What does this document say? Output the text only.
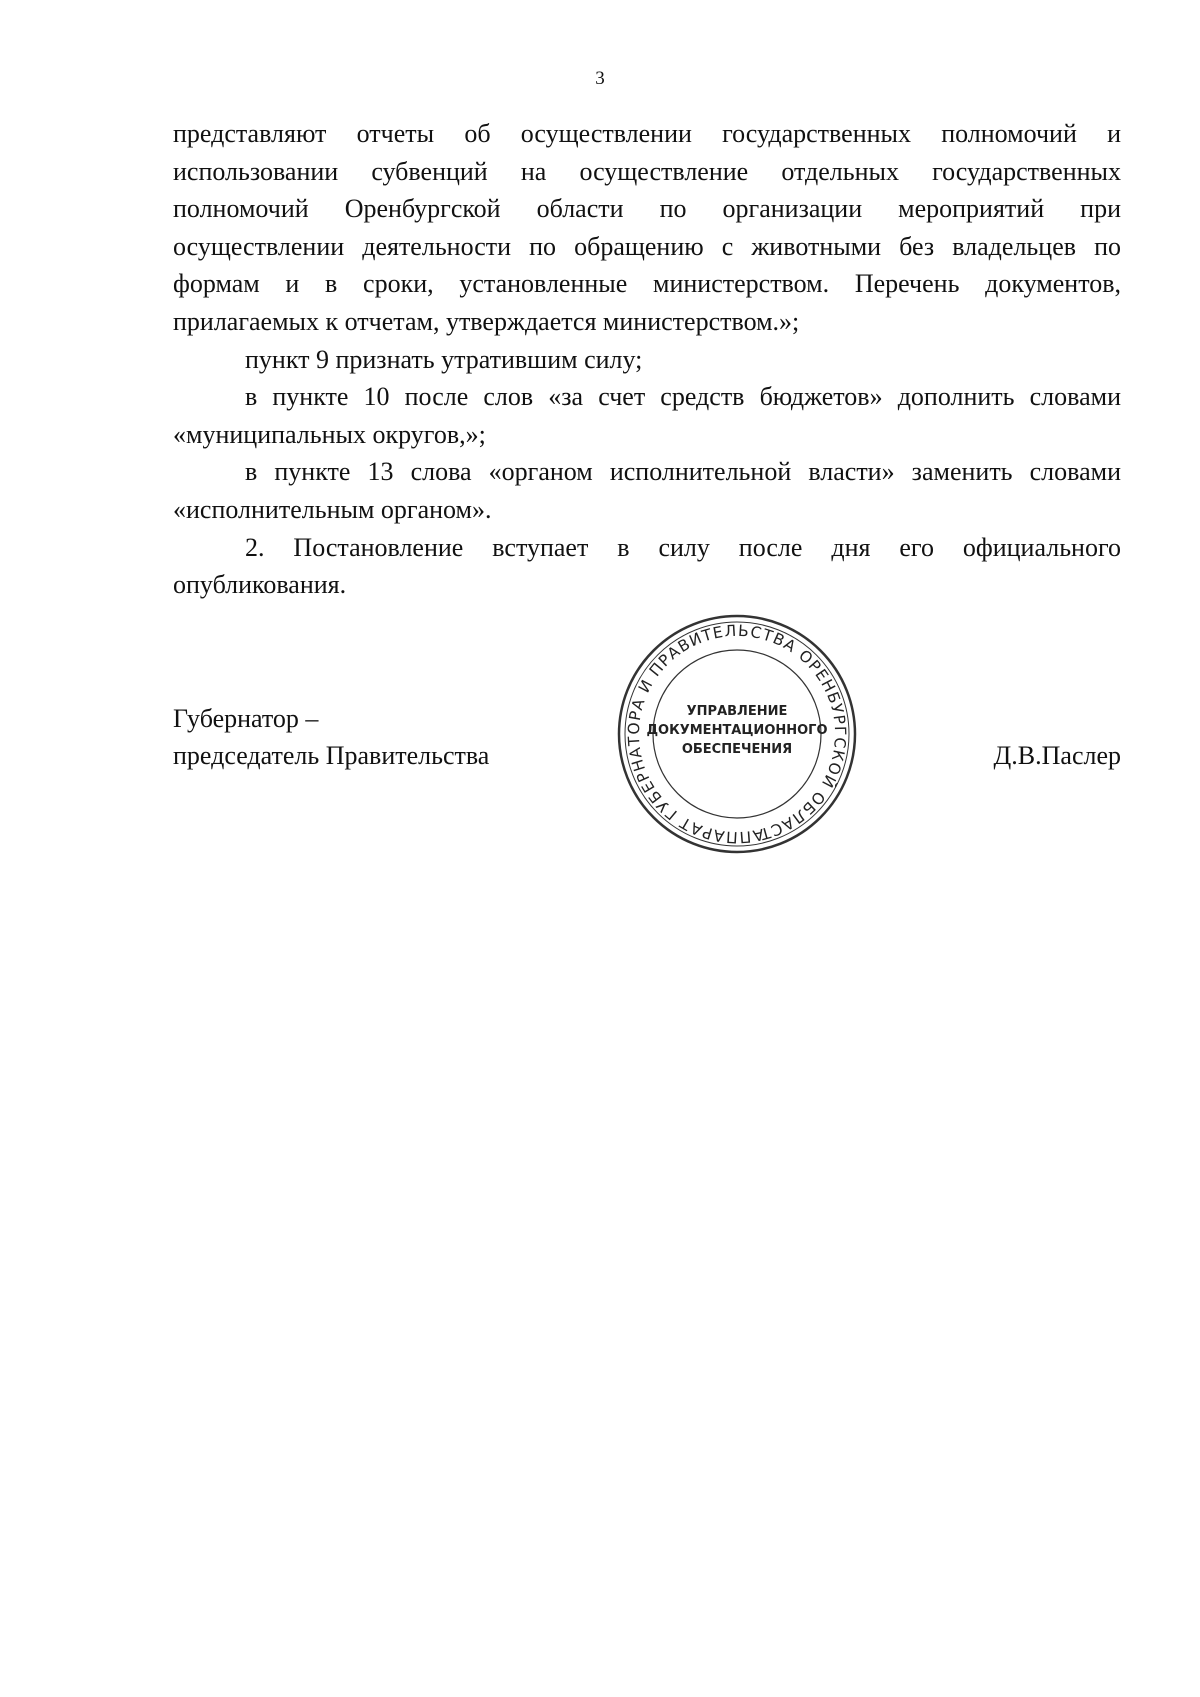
3

представляют отчеты об осуществлении государственных полномочий и использовании субвенций на осуществление отдельных государственных полномочий Оренбургской области по организации мероприятий при осуществлении деятельности по обращению с животными без владельцев по формам и в сроки, установленные министерством. Перечень документов, прилагаемых к отчетам, утверждается министерством.»;

пункт 9 признать утратившим силу;

в пункте 10 после слов «за счет средств бюджетов» дополнить словами «муниципальных округов,»;

в пункте 13 слова «органом исполнительной власти» заменить словами «исполнительным органом».

2. Постановление вступает в силу после дня его официального опубликования.

Губернатор –
председатель Правительства	Д.В.Паслер
АППАРАТ ГУБЕРНАТОРА И ПРАВИТЕЛЬСТВА ОРЕНБУРГСКОЙ ОБЛАСТИ
УПРАВЛЕНИЕ
ДОКУМЕНТАЦИОННОГО
ОБЕСПЕЧЕНИЯ
